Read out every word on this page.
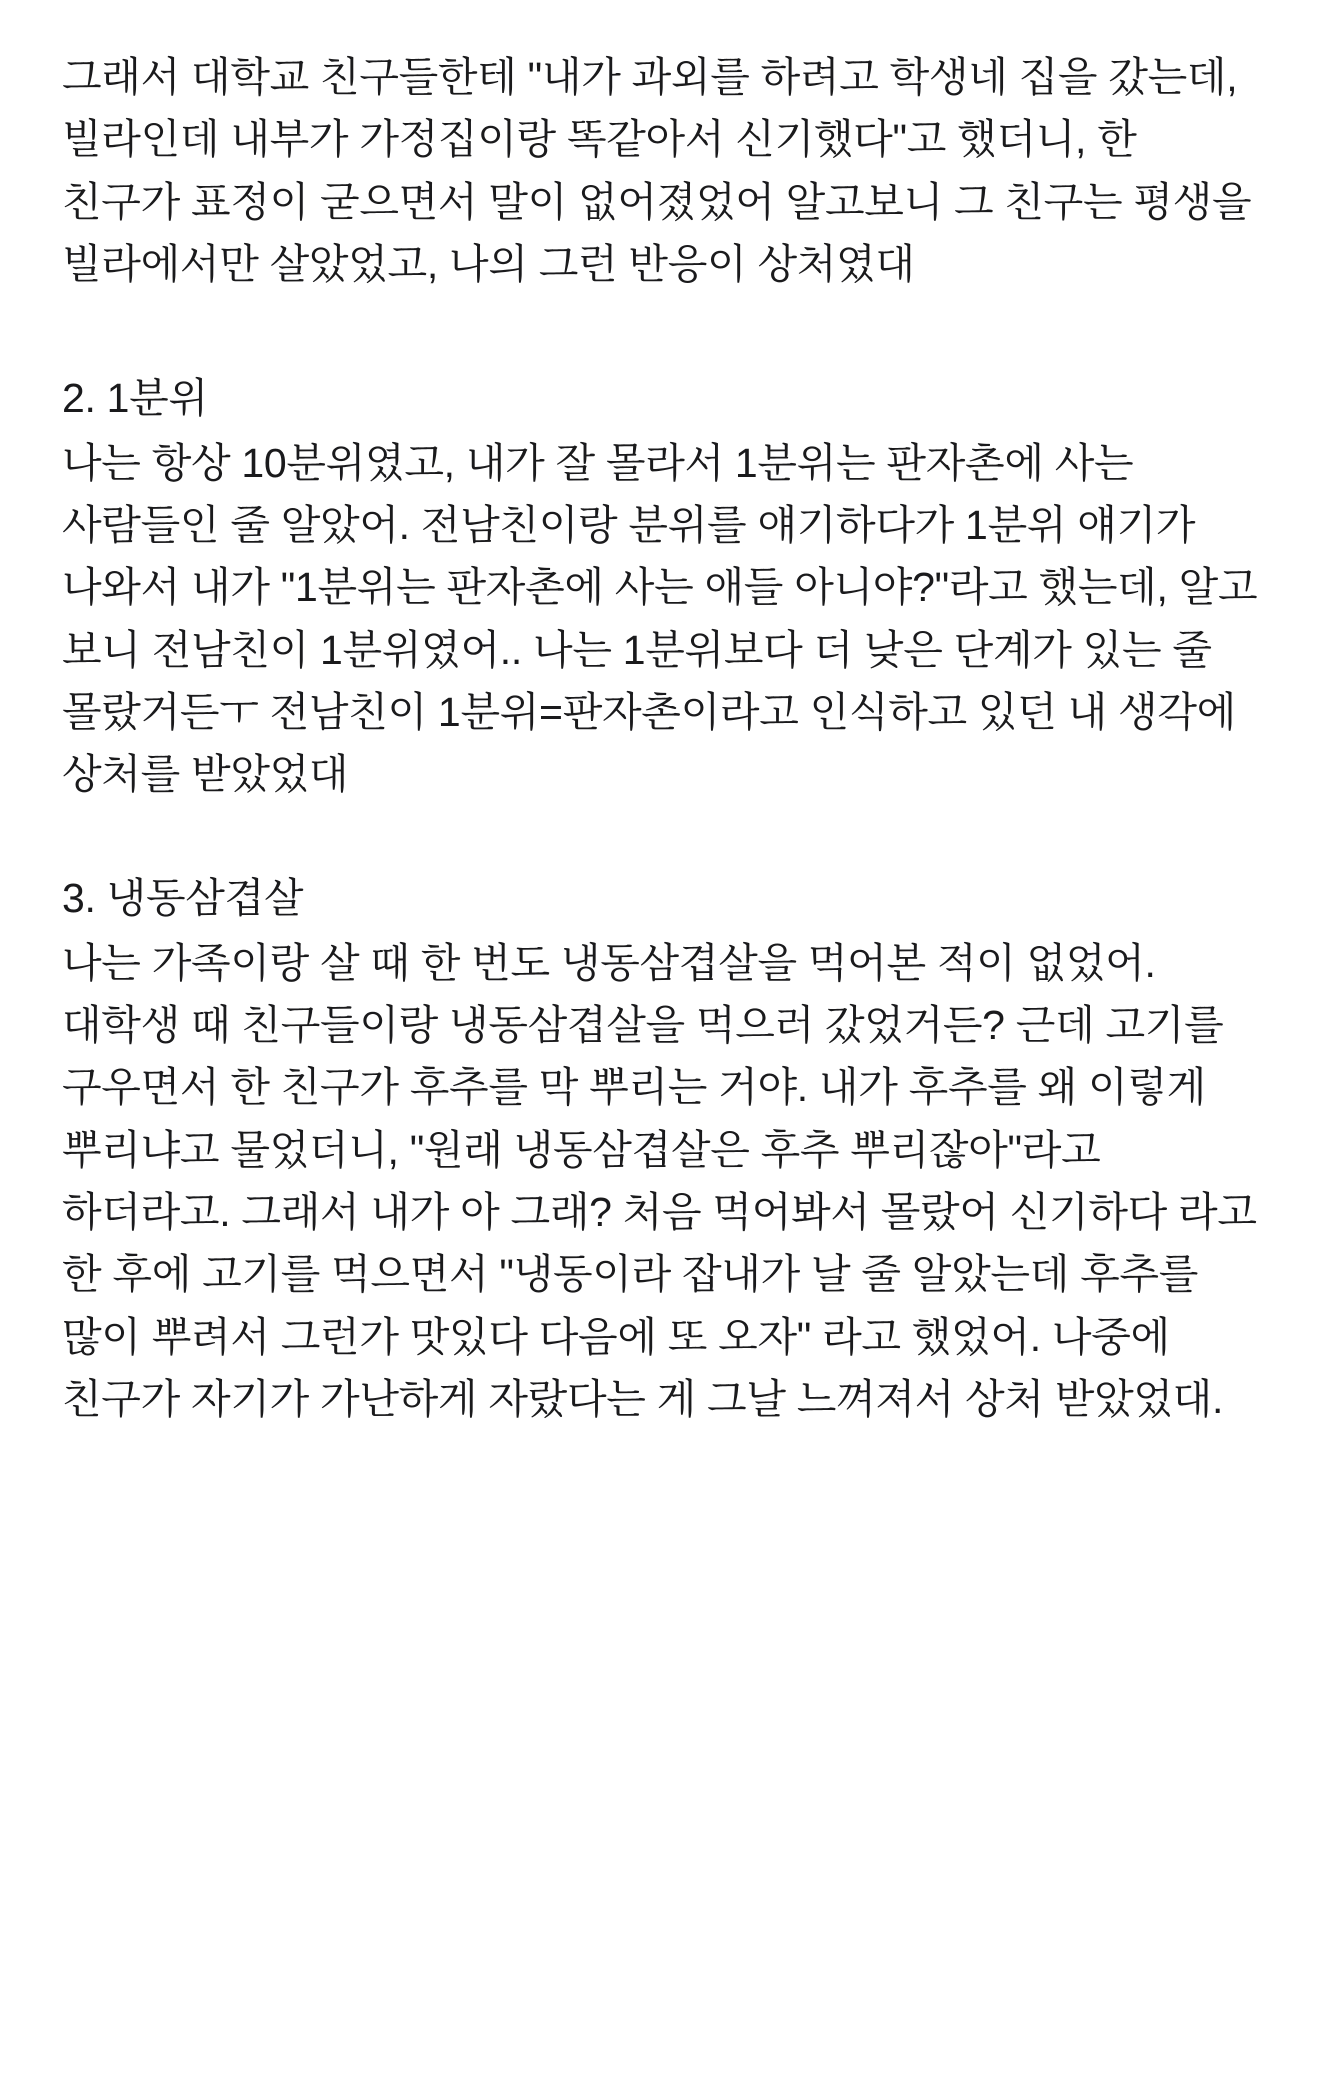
그래서 대학교 친구들한테 "내가 과외를 하려고 학생네 집을 갔는데, 빌라인데 내부가 가정집이랑 똑같아서 신기했다"고 했더니, 한 친구가 표정이 굳으면서 말이 없어졌었어 알고보니 그 친구는 평생을 빌라에서만 살았었고, 나의 그런 반응이 상처였대

2. 1분위

나는 항상 10분위였고, 내가 잘 몰라서 1분위는 판자촌에 사는 사람들인 줄 알았어. 전남친이랑 분위를 얘기하다가 1분위 얘기가 나와서 내가 "1분위는 판자촌에 사는 애들 아니야?"라고 했는데, 알고 보니 전남친이 1분위였어.. 나는 1분위보다 더 낮은 단계가 있는 줄 몰랐거든ㅜ 전남친이 1분위=판자촌이라고 인식하고 있던 내 생각에 상처를 받았었대

3. 냉동삼겹살

나는 가족이랑 살 때 한 번도 냉동삼겹살을 먹어본 적이 없었어. 대학생 때 친구들이랑 냉동삼겹살을 먹으러 갔었거든? 근데 고기를 구우면서 한 친구가 후추를 막 뿌리는 거야. 내가 후추를 왜 이렇게 뿌리냐고 물었더니, "원래 냉동삼겹살은 후추 뿌리잖아"라고 하더라고. 그래서 내가 아 그래? 처음 먹어봐서 몰랐어 신기하다 라고 한 후에 고기를 먹으면서 "냉동이라 잡내가 날 줄 알았는데 후추를 많이 뿌려서 그런가 맛있다 다음에 또 오자" 라고 했었어. 나중에 친구가 자기가 가난하게 자랐다는 게 그날 느껴져서 상처 받았었대.
